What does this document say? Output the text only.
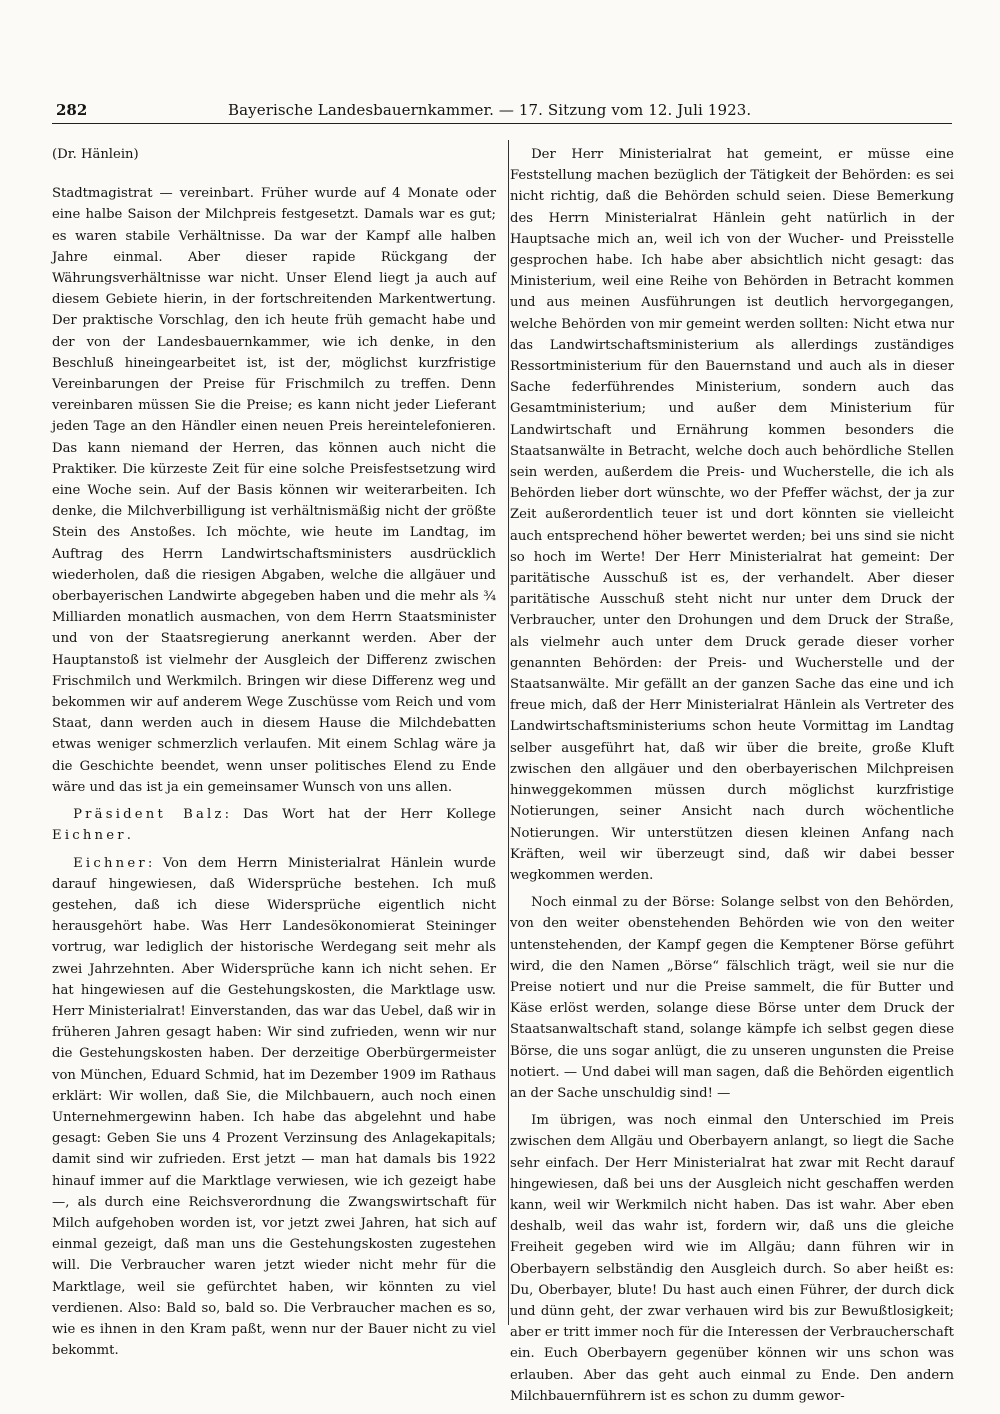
282	Bayerische Landesbauernkammer. — 17. Sitzung vom 12. Juli 1923.

(Dr. Hänlein)

Stadtmagistrat — vereinbart. Früher wurde auf 4 Monate oder eine halbe Saison der Milchpreis festgesetzt. Damals war es gut; es waren stabile Verhältnisse. Da war der Kampf alle halben Jahre einmal. Aber dieser rapide Rückgang der Währungsverhältnisse war nicht. Unser Elend liegt ja auch auf diesem Gebiete hierin, in der fortschreitenden Markentwertung. Der praktische Vorschlag, den ich heute früh gemacht habe und der von der Landesbauernkammer, wie ich denke, in den Beschluß hineingearbeitet ist, ist der, möglichst kurzfristige Vereinbarungen der Preise für Frischmilch zu treffen. Denn vereinbaren müssen Sie die Preise; es kann nicht jeder Lieferant jeden Tage an den Händler einen neuen Preis hereintelefonieren. Das kann niemand der Herren, das können auch nicht die Praktiker. Die kürzeste Zeit für eine solche Preisfestsetzung wird eine Woche sein. Auf der Basis können wir weiterarbeiten. Ich denke, die Milchverbilligung ist verhältnismäßig nicht der größte Stein des Anstoßes. Ich möchte, wie heute im Landtag, im Auftrag des Herrn Landwirtschaftsministers ausdrücklich wiederholen, daß die riesigen Abgaben, welche die allgäuer und oberbayerischen Landwirte abgegeben haben und die mehr als ¾ Milliarden monatlich ausmachen, von dem Herrn Staatsminister und von der Staatsregierung anerkannt werden. Aber der Hauptanstoß ist vielmehr der Ausgleich der Differenz zwischen Frischmilch und Werkmilch. Bringen wir diese Differenz weg und bekommen wir auf anderem Wege Zuschüsse vom Reich und vom Staat, dann werden auch in diesem Hause die Milchdebatten etwas weniger schmerzlich verlaufen. Mit einem Schlag wäre ja die Geschichte beendet, wenn unser politisches Elend zu Ende wäre und das ist ja ein gemeinsamer Wunsch von uns allen.

Präsident Balz: Das Wort hat der Herr Kollege Eichner.

Eichner: Von dem Herrn Ministerialrat Hänlein wurde darauf hingewiesen, daß Widersprüche bestehen. Ich muß gestehen, daß ich diese Widersprüche eigentlich nicht herausgehört habe. Was Herr Landesökonomierat Steininger vortrug, war lediglich der historische Werdegang seit mehr als zwei Jahrzehnten. Aber Widersprüche kann ich nicht sehen. Er hat hingewiesen auf die Gestehungskosten, die Marktlage usw. Herr Ministerialrat! Einverstanden, das war das Uebel, daß wir in früheren Jahren gesagt haben: Wir sind zufrieden, wenn wir nur die Gestehungskosten haben. Der derzeitige Oberbürgermeister von München, Eduard Schmid, hat im Dezember 1909 im Rathaus erklärt: Wir wollen, daß Sie, die Milchbauern, auch noch einen Unternehmergewinn haben. Ich habe das abgelehnt und habe gesagt: Geben Sie uns 4 Prozent Verzinsung des Anlagekapitals; damit sind wir zufrieden. Erst jetzt — man hat damals bis 1922 hinauf immer auf die Marktlage verwiesen, wie ich gezeigt habe —, als durch eine Reichsverordnung die Zwangswirtschaft für Milch aufgehoben worden ist, vor jetzt zwei Jahren, hat sich auf einmal gezeigt, daß man uns die Gestehungskosten zugestehen will. Die Verbraucher waren jetzt wieder nicht mehr für die Marktlage, weil sie gefürchtet haben, wir könnten zu viel verdienen. Also: Bald so, bald so. Die Verbraucher machen es so, wie es ihnen in den Kram paßt, wenn nur der Bauer nicht zu viel bekommt.

Der Herr Ministerialrat hat gemeint, er müsse eine Feststellung machen bezüglich der Tätigkeit der Behörden: es sei nicht richtig, daß die Behörden schuld seien. Diese Bemerkung des Herrn Ministerialrat Hänlein geht natürlich in der Hauptsache mich an, weil ich von der Wucher- und Preisstelle gesprochen habe. Ich habe aber absichtlich nicht gesagt: das Ministerium, weil eine Reihe von Behörden in Betracht kommen und aus meinen Ausführungen ist deutlich hervorgegangen, welche Behörden von mir gemeint werden sollten: Nicht etwa nur das Landwirtschaftsministerium als allerdings zuständiges Ressortministerium für den Bauernstand und auch als in dieser Sache federführendes Ministerium, sondern auch das Gesamtministerium; und außer dem Ministerium für Landwirtschaft und Ernährung kommen besonders die Staatsanwälte in Betracht, welche doch auch behördliche Stellen sein werden, außerdem die Preis- und Wucherstelle, die ich als Behörden lieber dort wünschte, wo der Pfeffer wächst, der ja zur Zeit außerordentlich teuer ist und dort könnten sie vielleicht auch entsprechend höher bewertet werden; bei uns sind sie nicht so hoch im Werte! Der Herr Ministerialrat hat gemeint: Der paritätische Ausschuß ist es, der verhandelt. Aber dieser paritätische Ausschuß steht nicht nur unter dem Druck der Verbraucher, unter den Drohungen und dem Druck der Straße, als vielmehr auch unter dem Druck gerade dieser vorher genannten Behörden: der Preis- und Wucherstelle und der Staatsanwälte. Mir gefällt an der ganzen Sache das eine und ich freue mich, daß der Herr Ministerialrat Hänlein als Vertreter des Landwirtschaftsministeriums schon heute Vormittag im Landtag selber ausgeführt hat, daß wir über die breite, große Kluft zwischen den allgäuer und den oberbayerischen Milchpreisen hinweggekommen müssen durch möglichst kurzfristige Notierungen, seiner Ansicht nach durch wöchentliche Notierungen. Wir unterstützen diesen kleinen Anfang nach Kräften, weil wir überzeugt sind, daß wir dabei besser wegkommen werden.

Noch einmal zu der Börse: Solange selbst von den Behörden, von den weiter obenstehenden Behörden wie von den weiter untenstehenden, der Kampf gegen die Kemptener Börse geführt wird, die den Namen „Börse“ fälschlich trägt, weil sie nur die Preise notiert und nur die Preise sammelt, die für Butter und Käse erlöst werden, solange diese Börse unter dem Druck der Staatsanwaltschaft stand, solange kämpfe ich selbst gegen diese Börse, die uns sogar anlügt, die zu unseren ungunsten die Preise notiert. — Und dabei will man sagen, daß die Behörden eigentlich an der Sache unschuldig sind! —

Im übrigen, was noch einmal den Unterschied im Preis zwischen dem Allgäu und Oberbayern anlangt, so liegt die Sache sehr einfach. Der Herr Ministerialrat hat zwar mit Recht darauf hingewiesen, daß bei uns der Ausgleich nicht geschaffen werden kann, weil wir Werkmilch nicht haben. Das ist wahr. Aber eben deshalb, weil das wahr ist, fordern wir, daß uns die gleiche Freiheit gegeben wird wie im Allgäu; dann führen wir in Oberbayern selbständig den Ausgleich durch. So aber heißt es: Du, Oberbayer, blute! Du hast auch einen Führer, der durch dick und dünn geht, der zwar verhauen wird bis zur Bewußtlosigkeit; aber er tritt immer noch für die Interessen der Verbraucherschaft ein. Euch Oberbayern gegenüber können wir uns schon was erlauben. Aber das geht auch einmal zu Ende. Den andern Milchbauernführern ist es schon zu dumm gewor-
